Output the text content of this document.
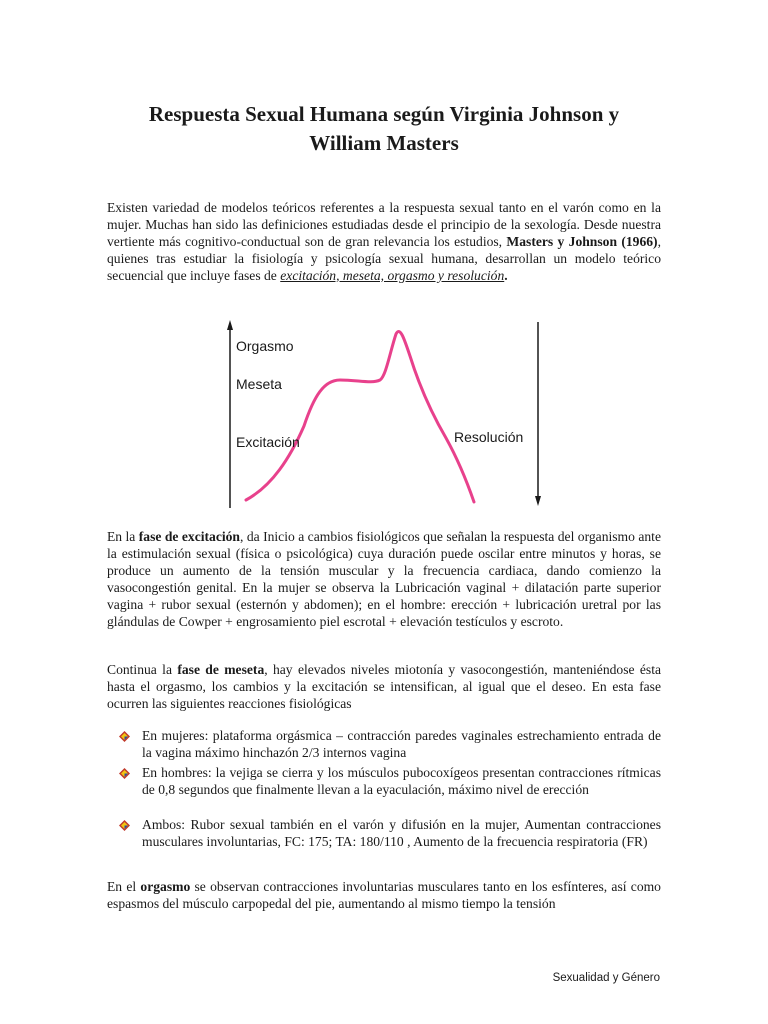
Respuesta Sexual Humana según Virginia Johnson y
William Masters

Existen variedad de modelos teóricos referentes a la respuesta sexual tanto en el varón como en la mujer. Muchas han sido las definiciones estudiadas desde el principio de la sexología. Desde nuestra vertiente más cognitivo-conductual son de gran relevancia los estudios, Masters y Johnson (1966), quienes tras estudiar la fisiología y psicología sexual humana, desarrollan un modelo teórico secuencial que incluye fases de excitación, meseta, orgasmo y resolución.

Orgasmo
Meseta
Excitación	Resolución

En la fase de excitación, da Inicio a cambios fisiológicos que señalan la respuesta del organismo ante la estimulación sexual (física o psicológica) cuya duración puede oscilar entre minutos y horas, se produce un aumento de la tensión muscular y la frecuencia cardiaca, dando comienzo la vasocongestión genital. En la mujer se observa la Lubricación vaginal + dilatación parte superior vagina + rubor sexual (esternón y abdomen); en el hombre: erección + lubricación uretral por las glándulas de Cowper + engrosamiento piel escrotal + elevación testículos y escroto.

Continua la fase de meseta, hay elevados niveles miotonía y vasocongestión, manteniéndose ésta hasta el orgasmo, los cambios y la excitación se intensifican, al igual que el deseo. En esta fase ocurren las siguientes reacciones fisiológicas

En mujeres: plataforma orgásmica – contracción paredes vaginales estrechamiento entrada de la vagina máximo hinchazón 2/3 internos vagina
En hombres: la vejiga se cierra y los músculos pubocoxígeos presentan contracciones rítmicas de 0,8 segundos que finalmente llevan a la eyaculación, máximo nivel de erección
Ambos: Rubor sexual también en el varón y difusión en la mujer, Aumentan contracciones musculares involuntarias, FC: 175; TA: 180/110 , Aumento de la frecuencia respiratoria (FR)

En el orgasmo se observan contracciones involuntarias musculares tanto en los esfínteres, así como espasmos del músculo carpopedal del pie, aumentando al mismo tiempo la tensión

Sexualidad y Género
